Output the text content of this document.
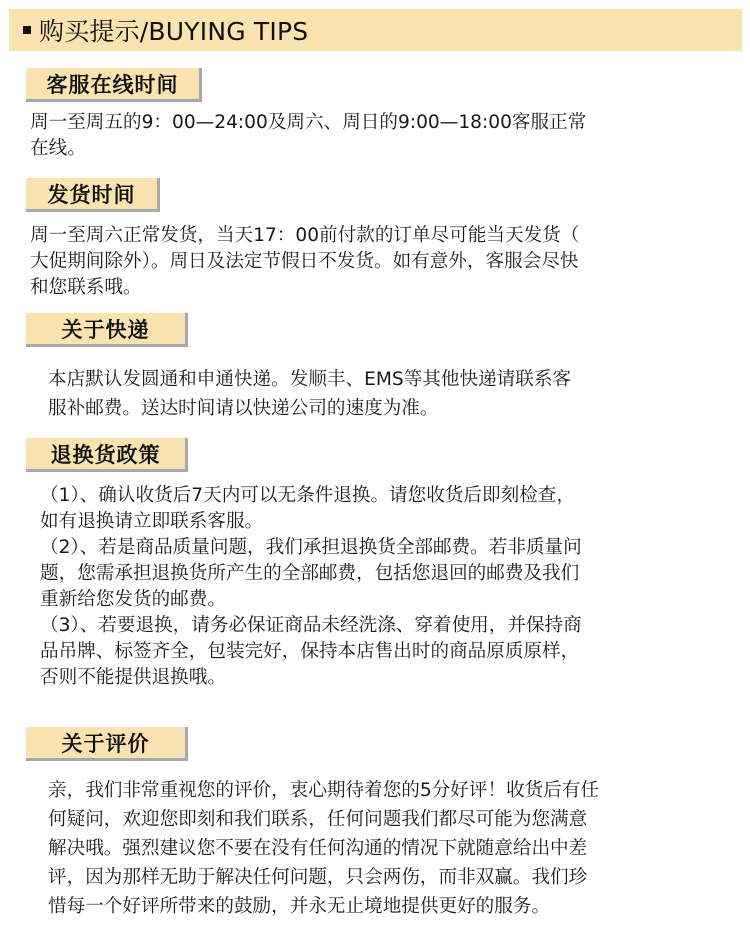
购买提示/BUYING TIPS
客服在线时间
周一至周五的9：00—24:00及周六、周日的9:00—18:00客服正常
在线。
发货时间
周一至周六正常发货，当天17：00前付款的订单尽可能当天发货（
大促期间除外）。周日及法定节假日不发货。如有意外，客服会尽快
和您联系哦。
关于快递
本店默认发圆通和申通快递。发顺丰、EMS等其他快递请联系客
服补邮费。送达时间请以快递公司的速度为准。
退换货政策
（1）、确认收货后7天内可以无条件退换。请您收货后即刻检查，
如有退换请立即联系客服。
（2）、若是商品质量问题，我们承担退换货全部邮费。若非质量问
题，您需承担退换货所产生的全部邮费，包括您退回的邮费及我们
重新给您发货的邮费。
（3）、若要退换，请务必保证商品未经洗涤、穿着使用，并保持商
品吊牌、标签齐全，包装完好，保持本店售出时的商品原质原样，
否则不能提供退换哦。
关于评价
亲，我们非常重视您的评价，衷心期待着您的5分好评！收货后有任
何疑问，欢迎您即刻和我们联系，任何问题我们都尽可能为您满意
解决哦。强烈建议您不要在没有任何沟通的情况下就随意给出中差
评，因为那样无助于解决任何问题，只会两伤，而非双赢。我们珍
惜每一个好评所带来的鼓励，并永无止境地提供更好的服务。
